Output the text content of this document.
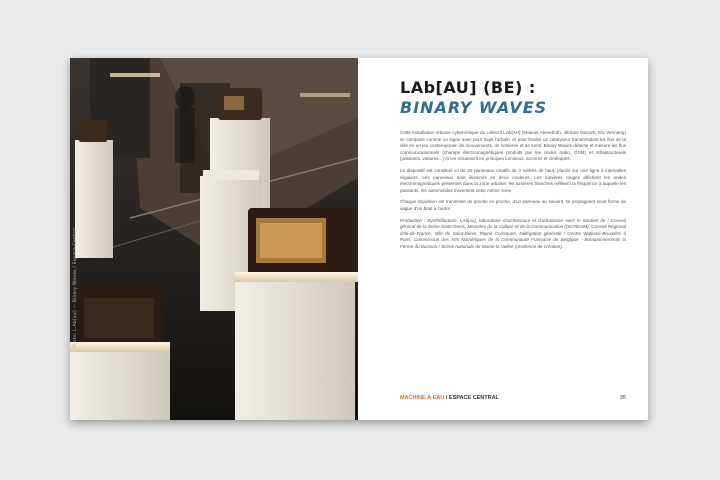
Photo: L.Ab[au] — Binary Waves / Espace Central
LAb[AU] (BE) :
BINARY WAVES

Cette installation urbaine cybernétique du collectif LAb[AU] (Manuel Abendroth, Jérôme Decock, Els Vermang) se compose comme un signe avec pour sujet l'urbain, et pour finalité un catalyseur transcendant les flux de la ville en un jeu contemporain de mouvements, de lumières et de sons. Binary Waves détecte et mesure les flux communicationnels (champs électromagnétiques produits par les ondes radio, GSM) et infrastructurels (passants, voitures...) et les retranscrit en principes lumineux, sonores et cinétiques.

Le dispositif est constitué ici de 20 panneaux rotatifs de 3 mètres de haut, placés sur une ligne à intervalles réguliers. Les panneaux sont illuminés en deux couleurs. Les lumières rouges affichent les ondes électromagnétiques présentes dans la zone urbaine, les lumières blanches reflètent la fréquence à laquelle les passants, les automobiles traversent cette même zone.

Chaque impulsion est transmise de proche en proche, d'un panneau au suivant, se propageant sous forme de vague d'un bout à l'autre.

Production : Synthéfactorie, LAb[au], laboratoire d'architecture et d'urbanisme Avec le Soutien de : Conseil général de la Seine-Saint-Denis, Ministère de la Culture et de la Communication (DICREAM), Conseil Régional d'Ile-de-France, Ville de Saint-Denis, Plaine Commune, Délégation générale / Centre Wallonie-Bruxelles à Paris, Commission des Arts Numériques de la Communauté Française de Belgique - Bomaninnements la Ferme du Buisson / Scène nationale de Marne la Vallée (résidence de création).

MACHINE À EAU / ESPACE CENTRAL	35
